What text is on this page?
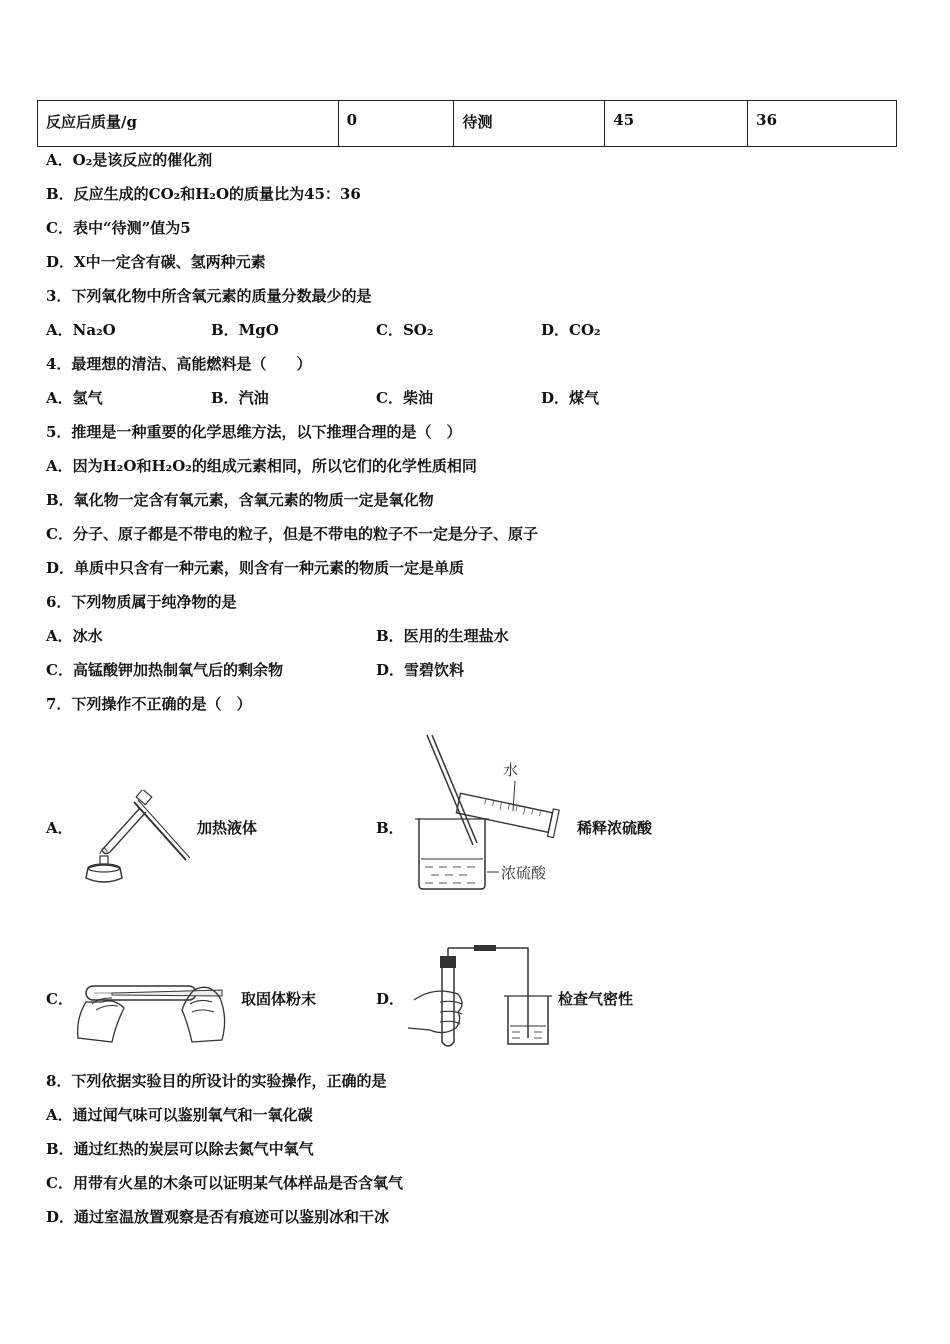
反应后质量/g	0	待测	45	36
A．O₂是该反应的催化剂
B．反应生成的CO₂和H₂O的质量比为45：36
C．表中“待测”值为5
D．X中一定含有碳、氢两种元素
3．下列氧化物中所含氧元素的质量分数最少的是
A．Na₂O	B．MgO	C．SO₂	D．CO₂
4．最理想的清洁、高能燃料是（　　）
A．氢气	B．汽油	C．柴油	D．煤气
5．推理是一种重要的化学思维方法，以下推理合理的是（　）
A．因为H₂O和H₂O₂的组成元素相同，所以它们的化学性质相同
B．氧化物一定含有氧元素，含氧元素的物质一定是氧化物
C．分子、原子都是不带电的粒子，但是不带电的粒子不一定是分子、原子
D．单质中只含有一种元素，则含有一种元素的物质一定是单质
6．下列物质属于纯净物的是
A．冰水	B．医用的生理盐水
C．高锰酸钾加热制氧气后的剩余物	D．雪碧饮料
7．下列操作不正确的是（　）
A．	加热液体	B．
水
浓硫酸
稀释浓硫酸
C．	取固体粉末	D．	检查气密性
8．下列依据实验目的所设计的实验操作，正确的是
A．通过闻气味可以鉴别氧气和一氧化碳
B．通过红热的炭层可以除去氮气中氧气
C．用带有火星的木条可以证明某气体样品是否含氧气
D．通过室温放置观察是否有痕迹可以鉴别冰和干冰
